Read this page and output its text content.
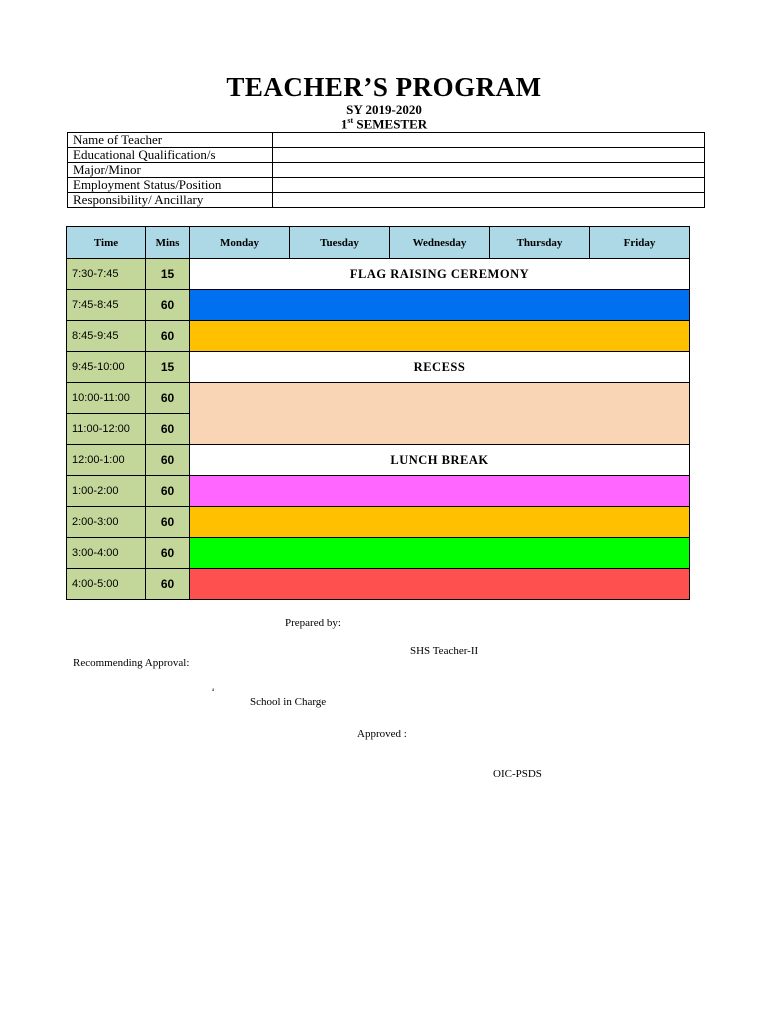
TEACHER’S PROGRAM
SY 2019-2020
1st SEMESTER
Name of Teacher	
Educational Qualification/s	
Major/Minor	
Employment Status/Position	
Responsibility/ Ancillary	
Time	Mins	Monday	Tuesday	Wednesday	Thursday	Friday
7:30-7:45	15	FLAG RAISING CEREMONY				
7:45-8:45	60					
8:45-9:45	60					
9:45-10:00	15	RECESS				
10:00-11:00	60					
11:00-12:00	60					
12:00-1:00	60	LUNCH BREAK				
1:00-2:00	60					
2:00-3:00	60					
3:00-4:00	60					
4:00-5:00	60					
Prepared by:
SHS Teacher-II
Recommending Approval:
a
School in Charge
Approved :
OIC-PSDS
